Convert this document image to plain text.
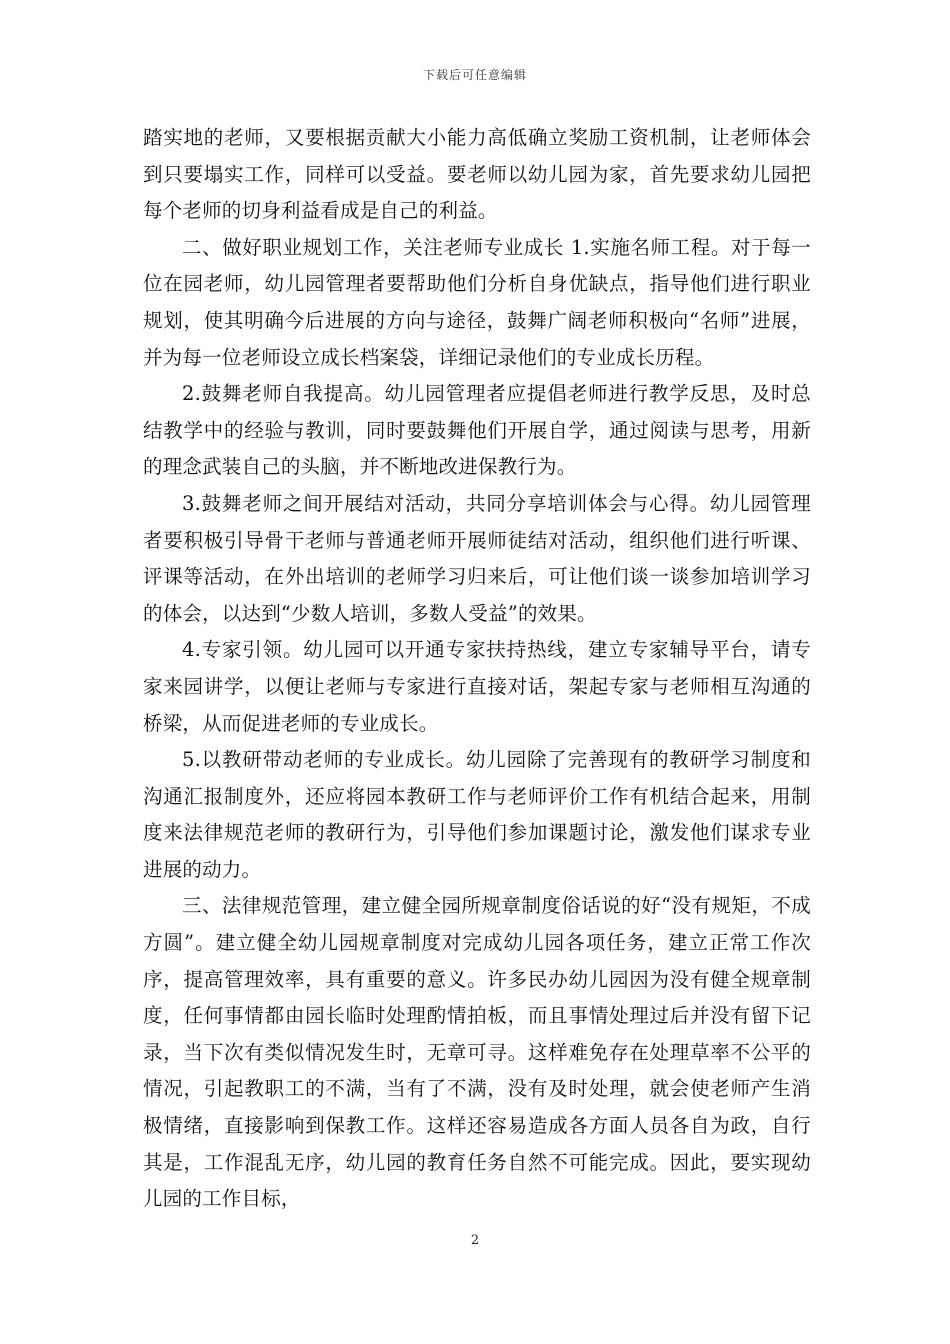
下载后可任意编辑

踏实地的老师，又要根据贡献大小能力高低确立奖励工资机制，让老师体会到只要塌实工作，同样可以受益。要老师以幼儿园为家，首先要求幼儿园把每个老师的切身利益看成是自己的利益。

二、做好职业规划工作，关注老师专业成长 1.实施名师工程。对于每一位在园老师，幼儿园管理者要帮助他们分析自身优缺点，指导他们进行职业规划，使其明确今后进展的方向与途径，鼓舞广阔老师积极向“名师”进展，并为每一位老师设立成长档案袋，详细记录他们的专业成长历程。

2.鼓舞老师自我提高。幼儿园管理者应提倡老师进行教学反思，及时总结教学中的经验与教训，同时要鼓舞他们开展自学，通过阅读与思考，用新的理念武装自己的头脑，并不断地改进保教行为。

3.鼓舞老师之间开展结对活动，共同分享培训体会与心得。幼儿园管理者要积极引导骨干老师与普通老师开展师徒结对活动，组织他们进行听课、评课等活动，在外出培训的老师学习归来后，可让他们谈一谈参加培训学习的体会，以达到“少数人培训，多数人受益”的效果。

4.专家引领。幼儿园可以开通专家扶持热线，建立专家辅导平台，请专家来园讲学，以便让老师与专家进行直接对话，架起专家与老师相互沟通的桥梁，从而促进老师的专业成长。

5.以教研带动老师的专业成长。幼儿园除了完善现有的教研学习制度和沟通汇报制度外，还应将园本教研工作与老师评价工作有机结合起来，用制度来法律规范老师的教研行为，引导他们参加课题讨论，激发他们谋求专业进展的动力。

三、法律规范管理，建立健全园所规章制度俗话说的好“没有规矩，不成方圆”。建立健全幼儿园规章制度对完成幼儿园各项任务，建立正常工作次序，提高管理效率，具有重要的意义。许多民办幼儿园因为没有健全规章制度，任何事情都由园长临时处理酌情拍板，而且事情处理过后并没有留下记录，当下次有类似情况发生时，无章可寻。这样难免存在处理草率不公平的情况，引起教职工的不满，当有了不满，没有及时处理，就会使老师产生消极情绪，直接影响到保教工作。这样还容易造成各方面人员各自为政，自行其是，工作混乱无序，幼儿园的教育任务自然不可能完成。因此，要实现幼儿园的工作目标，

2
